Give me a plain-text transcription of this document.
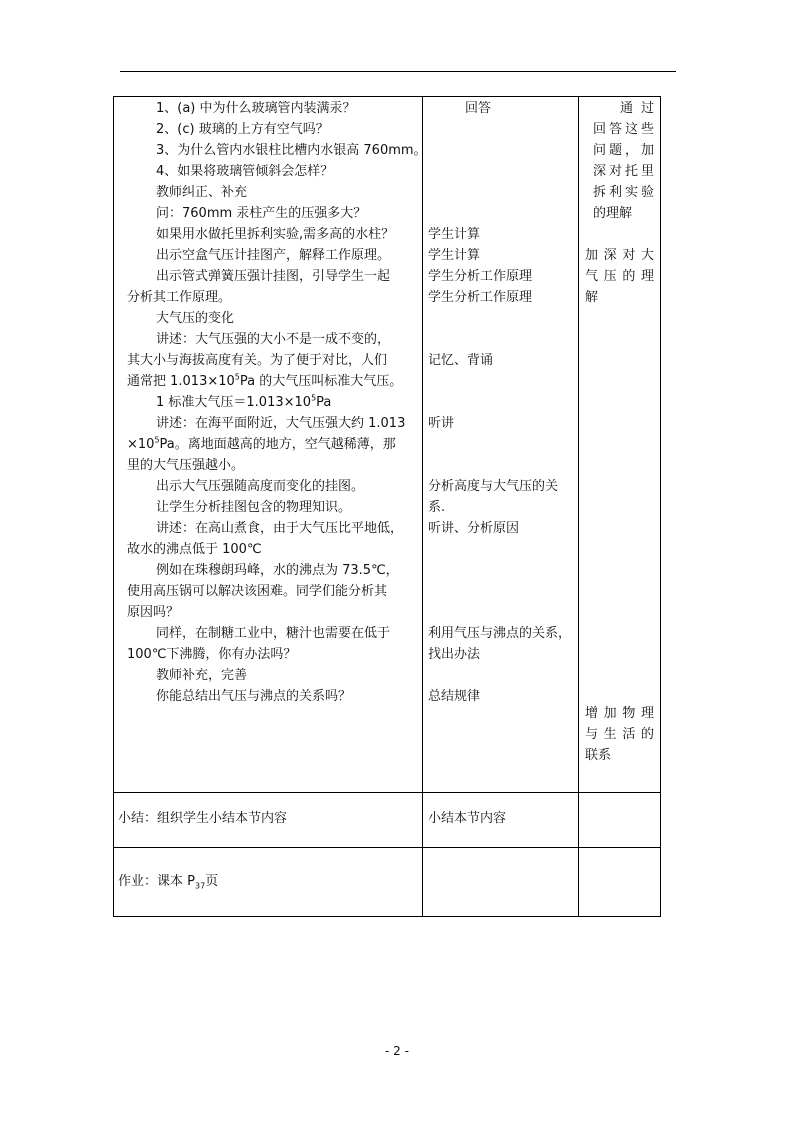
1、(a) 中为什么玻璃管内装满汞？
2、(c) 玻璃的上方有空气吗？
3、为什么管内水银柱比槽内水银高 760mm。
4、如果将玻璃管倾斜会怎样？
教师纠正、补充
问：760mm 汞柱产生的压强多大？
如果用水做托里拆利实验,需多高的水柱？
出示空盒气压计挂图产，解释工作原理。
出示管式弹簧压强计挂图，引导学生一起
分析其工作原理。
大气压的变化
讲述：大气压强的大小不是一成不变的，
其大小与海拔高度有关。为了便于对比，人们
通常把 $1.013\times 10^5Pa$ 的大气压叫标准大气压。
1 标准大气压$=1.013\times 10^5Pa$
讲述：在海平面附近，大气压强大约 1.013
$\times 10^5Pa$。离地面越高的地方，空气越稀薄，那
里的大气压强越小。
出示大气压强随高度而变化的挂图。
让学生分析挂图包含的物理知识。
讲述：在高山煮食，由于大气压比平地低，
故水的沸点低于 100℃
例如在珠穆朗玛峰，水的沸点为 73.5℃，
使用高压锅可以解决该困难。同学们能分析其
原因吗？
同样，在制糖工业中，糖汁也需要在低于
100℃下沸腾，你有办法吗？
教师补充，完善
你能总结出气压与沸点的关系吗？
回答
学生计算
学生计算
学生分析工作原理
学生分析工作原理
记忆、背诵
听讲
分析高度与大气压的关
系.
听讲、分析原因
利用气压与沸点的关系，
找出办法
总结规律
通 过
回 答 这 些
问 题 ， 加
深 对 托 里
拆 利 实 验
的理解
加 深 对 大
气 压 的 理
解
增 加 物 理
与 生 活 的
联系
小结：组织学生小结本节内容	小结本节内容
作业：课本 $P_{37}$页
- 2 -
